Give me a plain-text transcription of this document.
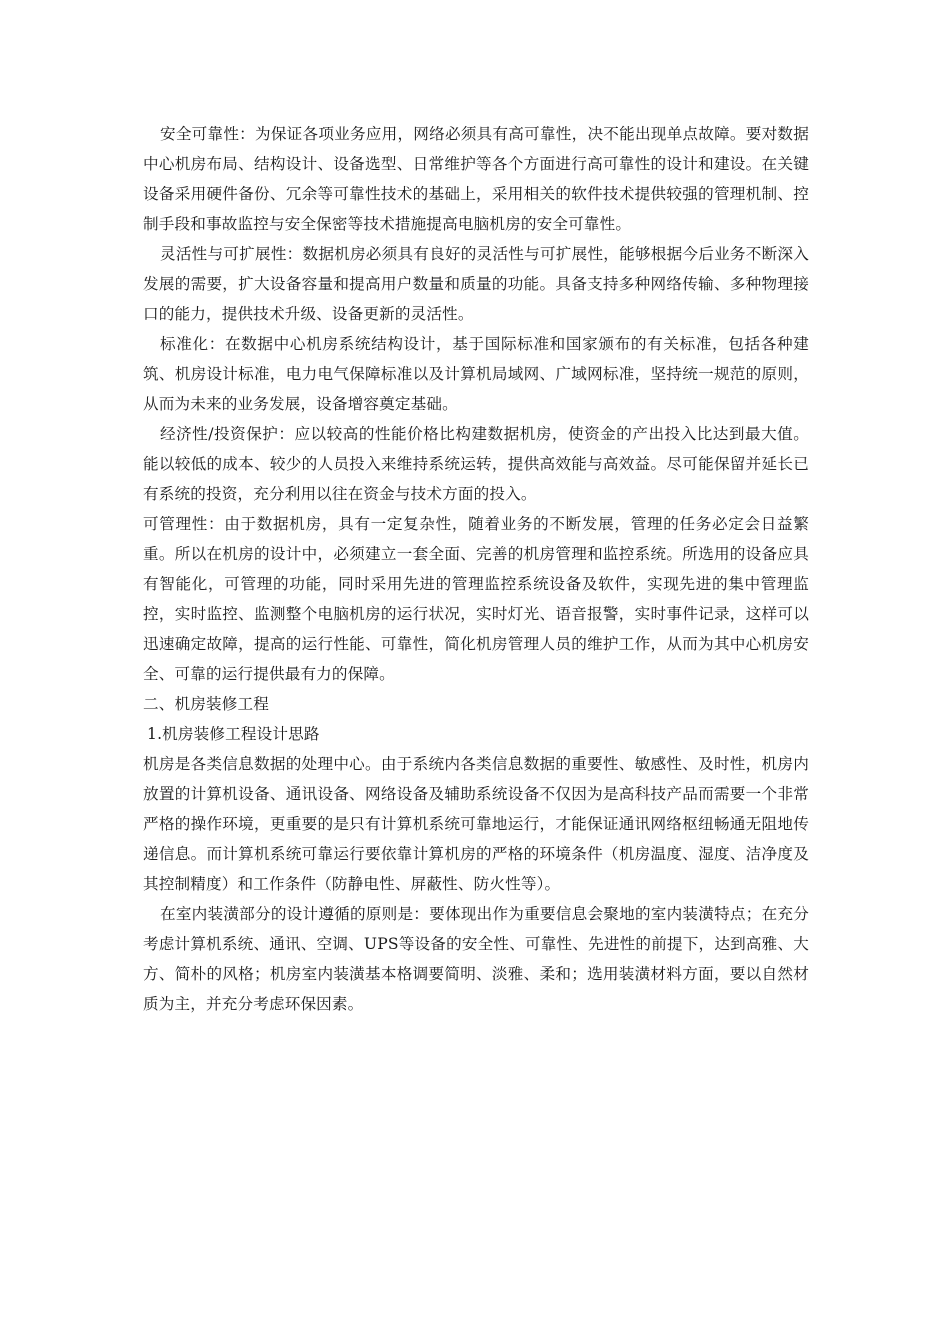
安全可靠性：为保证各项业务应用，网络必须具有高可靠性，决不能出现单点故障。要对数据中心机房布局、结构设计、设备选型、日常维护等各个方面进行高可靠性的设计和建设。在关键设备采用硬件备份、冗余等可靠性技术的基础上，采用相关的软件技术提供较强的管理机制、控制手段和事故监控与安全保密等技术措施提高电脑机房的安全可靠性。

灵活性与可扩展性：数据机房必须具有良好的灵活性与可扩展性，能够根据今后业务不断深入发展的需要，扩大设备容量和提高用户数量和质量的功能。具备支持多种网络传输、多种物理接口的能力，提供技术升级、设备更新的灵活性。

标准化：在数据中心机房系统结构设计，基于国际标准和国家颁布的有关标准，包括各种建筑、机房设计标准，电力电气保障标准以及计算机局域网、广域网标准，坚持统一规范的原则，从而为未来的业务发展，设备增容奠定基础。

经济性/投资保护：应以较高的性能价格比构建数据机房，使资金的产出投入比达到最大值。能以较低的成本、较少的人员投入来维持系统运转，提供高效能与高效益。尽可能保留并延长已有系统的投资，充分利用以往在资金与技术方面的投入。

可管理性：由于数据机房，具有一定复杂性，随着业务的不断发展，管理的任务必定会日益繁重。所以在机房的设计中，必须建立一套全面、完善的机房管理和监控系统。所选用的设备应具有智能化，可管理的功能，同时采用先进的管理监控系统设备及软件，实现先进的集中管理监控，实时监控、监测整个电脑机房的运行状况，实时灯光、语音报警，实时事件记录，这样可以迅速确定故障，提高的运行性能、可靠性，简化机房管理人员的维护工作，从而为其中心机房安全、可靠的运行提供最有力的保障。

二、机房装修工程
1.机房装修工程设计思路

机房是各类信息数据的处理中心。由于系统内各类信息数据的重要性、敏感性、及时性，机房内放置的计算机设备、通讯设备、网络设备及辅助系统设备不仅因为是高科技产品而需要一个非常严格的操作环境，更重要的是只有计算机系统可靠地运行，才能保证通讯网络枢纽畅通无阻地传递信息。而计算机系统可靠运行要依靠计算机房的严格的环境条件（机房温度、湿度、洁净度及其控制精度）和工作条件（防静电性、屏蔽性、防火性等）。

在室内装潢部分的设计遵循的原则是：要体现出作为重要信息会聚地的室内装潢特点；在充分考虑计算机系统、通讯、空调、UPS等设备的安全性、可靠性、先进性的前提下，达到高雅、大方、简朴的风格；机房室内装潢基本格调要简明、淡雅、柔和；选用装潢材料方面，要以自然材质为主，并充分考虑环保因素。
